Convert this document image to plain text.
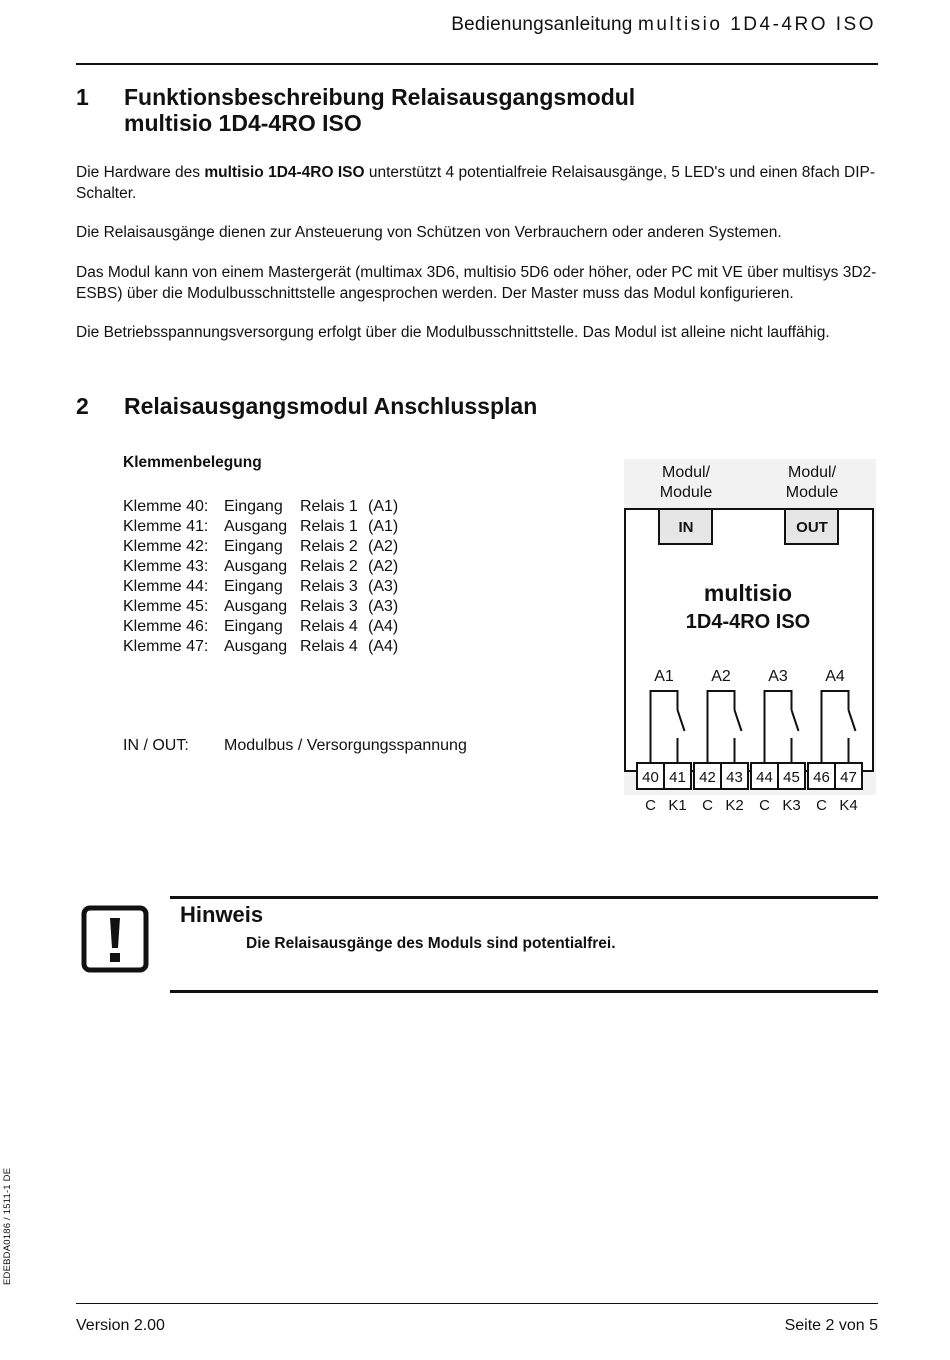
Bedienungsanleitung multisio 1D4-4RO ISO
1 Funktionsbeschreibung Relaisausgangsmodul
multisio 1D4-4RO ISO
Die Hardware des multisio 1D4-4RO ISO unterstützt 4 potentialfreie Relaisausgänge, 5 LED's und einen 8fach DIP-Schalter.
Die Relaisausgänge dienen zur Ansteuerung von Schützen von Verbrauchern oder anderen Systemen.
Das Modul kann von einem Mastergerät (multimax 3D6, multisio 5D6 oder höher, oder PC mit VE über multisys 3D2-ESBS) über die Modulbusschnittstelle angesprochen werden. Der Master muss das Modul konfigurieren.
Die Betriebsspannungsversorgung erfolgt über die Modulbusschnittstelle. Das Modul ist alleine nicht lauffähig.
2 Relaisausgangsmodul Anschlussplan
Klemmenbelegung
Klemme 40: Eingang	Relais 1 (A1)
Klemme 41: Ausgang Relais 1 (A1)
Klemme 42: Eingang	Relais 2 (A2)
Klemme 43: Ausgang Relais 2 (A2)
Klemme 44: Eingang	Relais 3 (A3)
Klemme 45: Ausgang Relais 3 (A3)
Klemme 46: Eingang	Relais 4 (A4)
Klemme 47: Ausgang Relais 4 (A4)
IN / OUT: Modulbus / Versorgungsspannung
Modul/
Module
Modul/
Module
IN	OUT
multisio
1D4-4RO ISO
A1 A2 A3 A4
40
C
41
K1
42
C
43
K2
44
C
45
K3
46
C
47
K4
Hinweis
Die Relaisausgänge des Moduls sind potentialfrei.
EDEBDA0186 / 1511-1 DE
Version 2.00	Seite 2 von 5
